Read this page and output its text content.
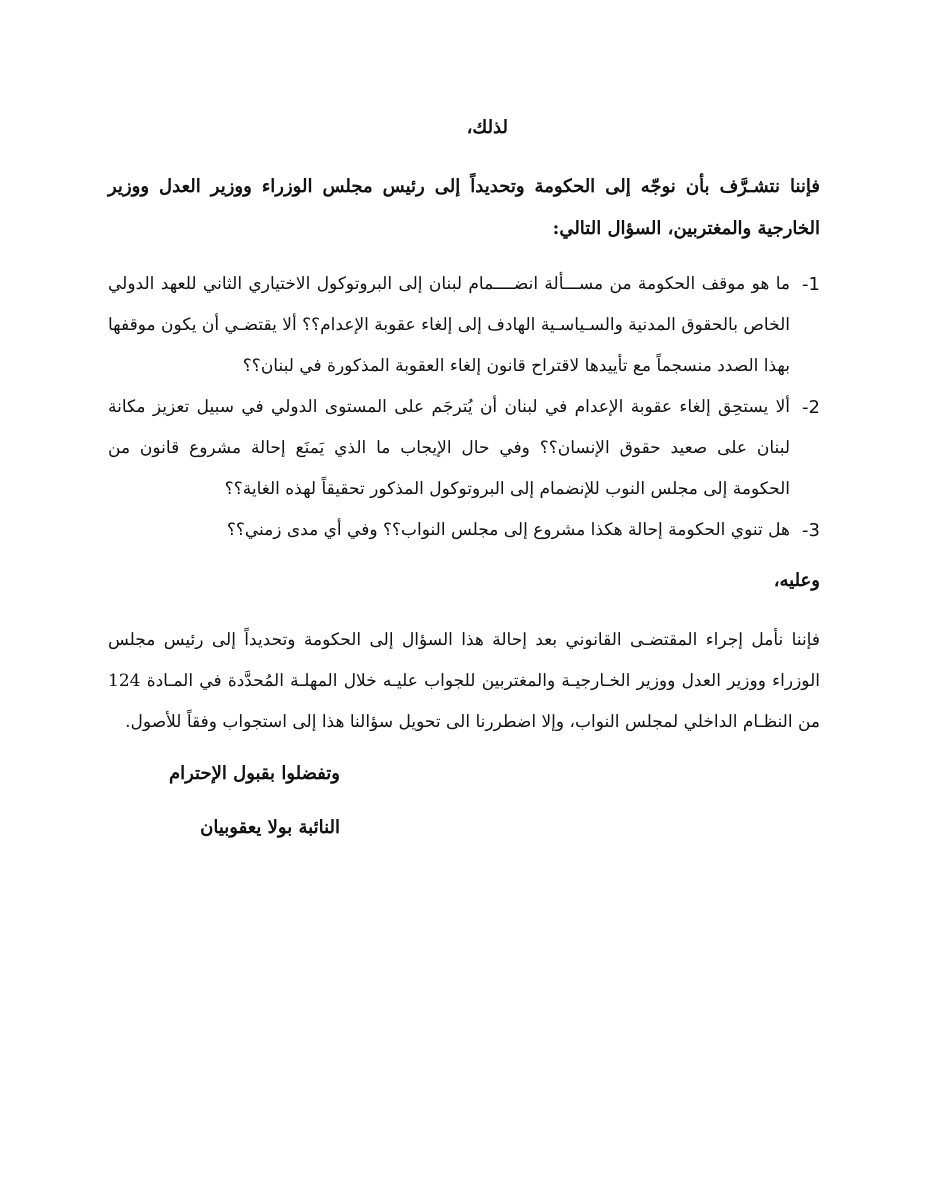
لذلك،

فإننا نتشـرَّف بأن نوجّه إلى الحكومة وتحديداً إلى رئيس مجلس الوزراء ووزير العدل ووزير الخارجية والمغتربين، السؤال التالي:

1-
ما هو موقف الحكومة من مســـألة انضــــمام لبنان إلى البروتوكول الاختياري الثاني للعهد الدولي الخاص بالحقوق المدنية والسـياسـية الهادف إلى إلغاء عقوبة الإعدام؟؟ ألا يقتضـي أن يكون موقفها بهذا الصدد منسجماً مع تأييدها لاقتراح قانون إلغاء العقوبة المذكورة في لبنان؟؟
2-
ألا يستحِق إلغاء عقوبة الإعدام في لبنان أن يُترجَم على المستوى الدولي في سبيل تعزيز مكانة لبنان على صعيد حقوق الإنسان؟؟ وفي حال الإيجاب ما الذي يَمنَع إحالة مشروع قانون من الحكومة إلى مجلس النوب للإنضمام إلى البروتوكول المذكور تحقيقاً لهذه الغاية؟؟
3-
هل تنوي الحكومة إحالة هكذا مشروع إلى مجلس النواب؟؟ وفي أي مدى زمني؟؟
وعليه،

فإننا نأمل إجراء المقتضـى القانوني بعد إحالة هذا السؤال إلى الحكومة وتحديداً إلى رئيس مجلس الوزراء ووزير العدل ووزير الخـارجيـة والمغتربين للجواب عليـه خلال المهلـة المُحدَّدة في المـادة 124 من النظـام الداخلي لمجلس النواب، وإلا اضطررنا الى تحويل سؤالنا هذا إلى استجواب وفقاً للأصول.

وتفضلوا بقبول الإحترام
النائبة بولا يعقوبيان
